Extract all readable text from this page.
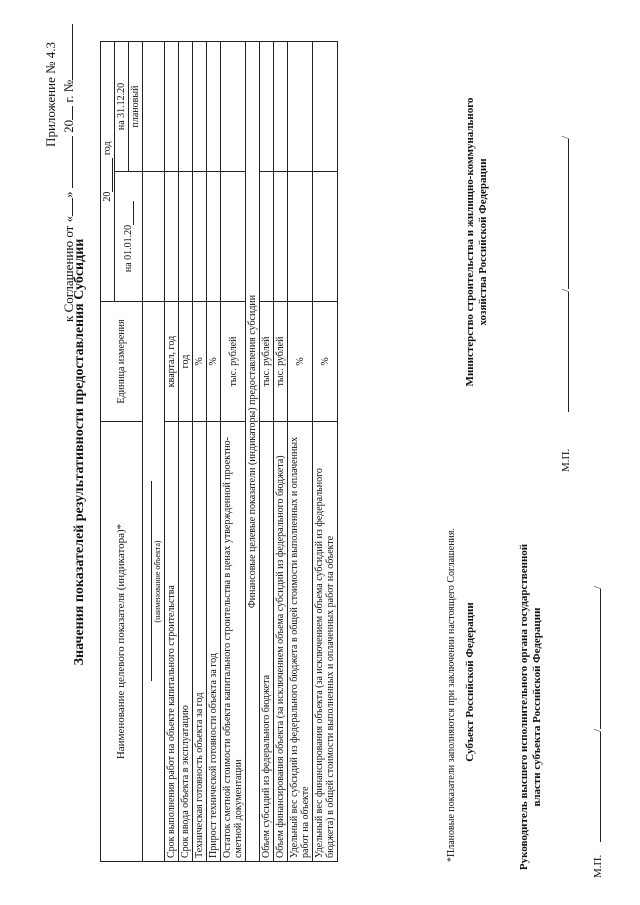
Приложение № 4.3
к Соглашению от «»  20 г. №
Значения показателей результативности предоставления Субсидии	Наименование целевого показателя (индикатора)*	Единица измерения	20 год	
		на 01.01.20	на 31.12.20
			плановый

(наименование объекта)			
Срок выполнения работ на объекте капитального строительства	квартал, год		
Срок ввода объекта в эксплуатацию	год		
Техническая готовность объекта за год	%		
Прирост технической готовности объекта за год	%		
Остаток сметной стоимости объекта капитального строительства в ценах утвержденной проектно-сметной документации	тыс. рублей		
Финансовые целевые показатели (индикаторы) предоставления субсидии			
Объем субсидий из федерального бюджета	тыс. рублей		
Объем финансирования объекта (за исключением объема субсидий из федерального бюджета)	тыс. рублей		
Удельный вес субсидий из федерального бюджета в общей стоимости выполненных и оплаченных работ на объекте	%		
Удельный вес финансирования объекта (за исключением объема субсидий из федерального бюджета) в общей стоимости выполненных и оплаченных работ на объекте	%		
*Плановые показатели заполняются при заключении настоящего Соглашения. Субъект Российской Федерации
Министерство строительства и жилищно-коммунального хозяйства Российской Федерации
Руководитель высшего исполнительного органа государственной власти субъекта Российской Федерации	//
//
М.П.
М.П.
